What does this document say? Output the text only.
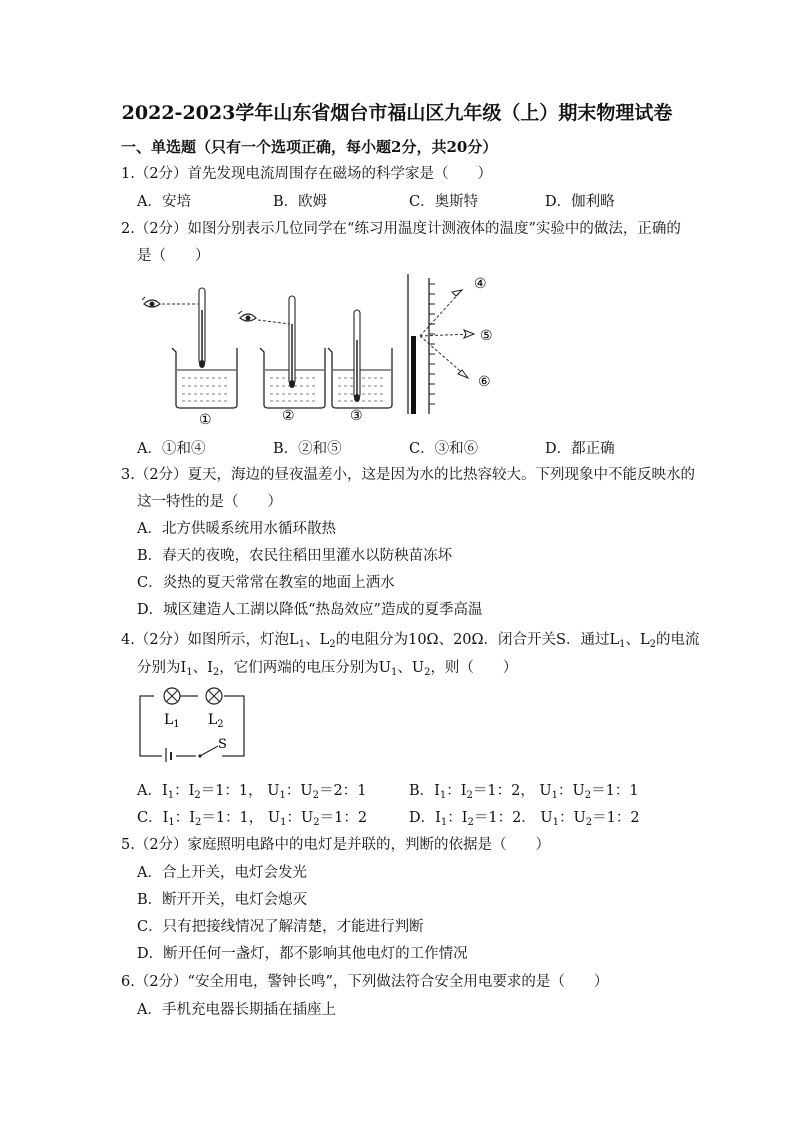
2022-2023学年山东省烟台市福山区九年级（上）期末物理试卷
一、单选题（只有一个选项正确，每小题2分，共20分）
1.（2分）首先发现电流周围存在磁场的科学家是（　　）
A．安培	B．欧姆	C．奥斯特	D．伽利略
2.（2分）如图分别表示几位同学在“练习用温度计测液体的温度”实验中的做法，正确的
是（　　）
①	②	③
④
⑤
⑥
A．①和④	B．②和⑤	C．③和⑥	D．都正确
3.（2分）夏天，海边的昼夜温差小，这是因为水的比热容较大。下列现象中不能反映水的
这一特性的是（　　）
A．北方供暖系统用水循环散热
B．春天的夜晚，农民往稻田里灌水以防秧苗冻坏
C．炎热的夏天常常在教室的地面上洒水
D．城区建造人工湖以降低“热岛效应”造成的夏季高温
4.（2分）如图所示，灯泡$L_1$、$L_2$的电阻分为10Ω、20Ω．闭合开关S．通过$L_1$、$L_2$的电流
分别为$I_1$、$I_2$，它们两端的电压分别为$U_1$、$U_2$，则（　　）
$L_1$ $L_2$
S
A．$I_1$：$I_2=1$：1， $U_1$：$U_2=2$：1	B．$I_1$：$I_2=1$：2， $U_1$：$U_2=1$：1
C．$I_1$：$I_2=1$：1， $U_1$：$U_2=1$：2	D．$I_1$：$I_2=1$：2． $U_1$：$U_2=1$：2
5.（2分）家庭照明电路中的电灯是并联的，判断的依据是（　　）
A．合上开关，电灯会发光
B．断开开关，电灯会熄灭
C．只有把接线情况了解清楚，才能进行判断
D．断开任何一盏灯，都不影响其他电灯的工作情况
6.（2分）“安全用电，警钟长鸣”，下列做法符合安全用电要求的是（　　）
A．手机充电器长期插在插座上
